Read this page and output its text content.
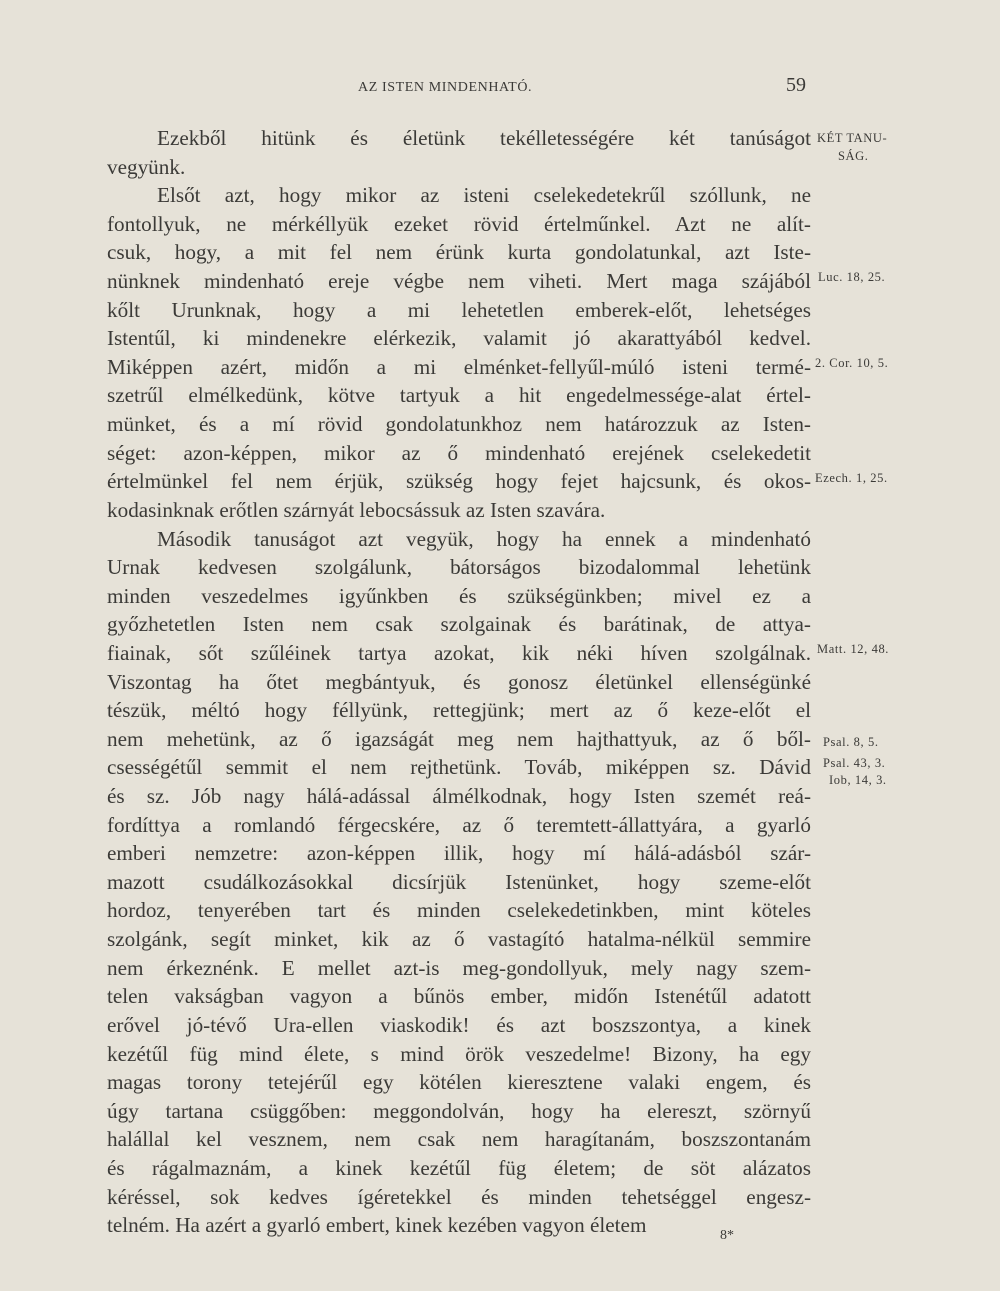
AZ ISTEN MINDENHATÓ.	59
Ezekből hitünk és életünk tekélletességére két tanúságot
vegyünk.
Elsőt azt, hogy mikor az isteni cselekedetekrűl szóllunk, ne
fontollyuk, ne mérkéllyük ezeket rövid értelműnkel. Azt ne alít-
csuk, hogy, a mit fel nem érünk kurta gondolatunkal, azt Iste-
nünknek mindenható ereje végbe nem viheti. Mert maga szájából
kőlt Urunknak, hogy a mi lehetetlen emberek-előt, lehetséges
Istentűl, ki mindenekre elérkezik, valamit jó akarattyából kedvel.
Miképpen azért, midőn a mi elménket-fellyűl-múló isteni termé-
szetrűl elmélkedünk, kötve tartyuk a hit engedelmessége-alat értel-
münket, és a mí rövid gondolatunkhoz nem határozzuk az Isten-
séget: azon-képpen, mikor az ő mindenható erejének cselekedetit
értelmünkel fel nem érjük, szükség hogy fejet hajcsunk, és okos-
kodasinknak erőtlen szárnyát lebocsássuk az Isten szavára.
Második tanuságot azt vegyük, hogy ha ennek a mindenható
Urnak kedvesen szolgálunk, bátorságos bizodalommal lehetünk
minden veszedelmes igyűnkben és szükségünkben; mivel ez a
győzhetetlen Isten nem csak szolgainak és barátinak, de attya-
fiainak, sőt szűléinek tartya azokat, kik néki híven szolgálnak.
Viszontag ha őtet megbántyuk, és gonosz életünkel ellenségünké
tészük, méltó hogy féllyünk, rettegjünk; mert az ő keze-előt el
nem mehetünk, az ő igazságát meg nem hajthattyuk, az ő ből-
csességétűl semmit el nem rejthetünk. Továb, miképpen sz. Dávid
és sz. Jób nagy hálá-adással álmélkodnak, hogy Isten szemét reá-
fordíttya a romlandó férgecskére, az ő teremtett-állattyára, a gyarló
emberi nemzetre: azon-képpen illik, hogy mí hálá-adásból szár-
mazott csudálkozásokkal dicsírjük Istenünket, hogy szeme-előt
hordoz, tenyerében tart és minden cselekedetinkben, mint köteles
szolgánk, segít minket, kik az ő vastagító hatalma-nélkül semmire
nem érkeznénk. E mellet azt-is meg-gondollyuk, mely nagy szem-
telen vakságban vagyon a bűnös ember, midőn Istenétűl adatott
erővel jó-tévő Ura-ellen viaskodik! és azt boszszontya, a kinek
kezétűl füg mind élete, s mind örök veszedelme! Bizony, ha egy
magas torony tetejérűl egy kötélen kieresztene valaki engem, és
úgy tartana csüggőben: meggondolván, hogy ha elereszt, szörnyű
halállal kel vesznem, nem csak nem haragítanám, boszszontanám
és rágalmaznám, a kinek kezétűl füg életem; de söt alázatos
kéréssel, sok kedves ígéretekkel és minden tehetséggel engesz-
telném. Ha azért a gyarló embert, kinek kezében vagyon életem
KÉT TANU-
SÁG.
Luc. 18, 25.
2. Cor. 10, 5.
Ezech. 1, 25.
Matt. 12, 48.
Psal. 8, 5.
Psal. 43, 3.
Iob, 14, 3.
8*
